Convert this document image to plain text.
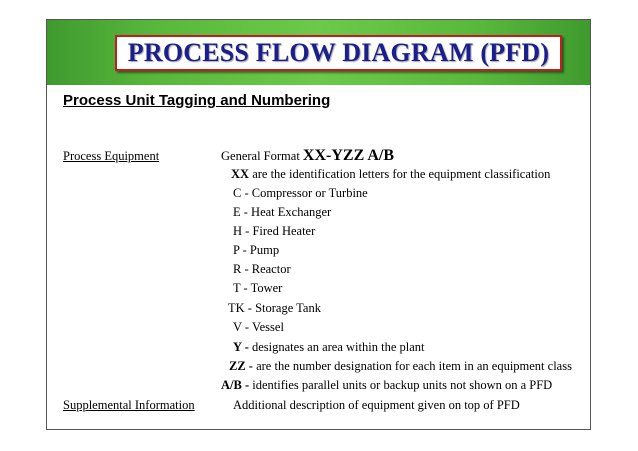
PROCESS FLOW DIAGRAM (PFD)
Process Unit Tagging and Numbering
Process Equipment	General Format XX-YZZ A/B
XX are the identification letters for the equipment classification
C - Compressor or Turbine
E - Heat Exchanger
H - Fired Heater
P - Pump
R - Reactor
T - Tower
TK - Storage Tank
V - Vessel
Y - designates an area within the plant
ZZ - are the number designation for each item in an equipment class
A/B - identifies parallel units or backup units not shown on a PFD
Supplemental Information	Additional description of equipment given on top of PFD
